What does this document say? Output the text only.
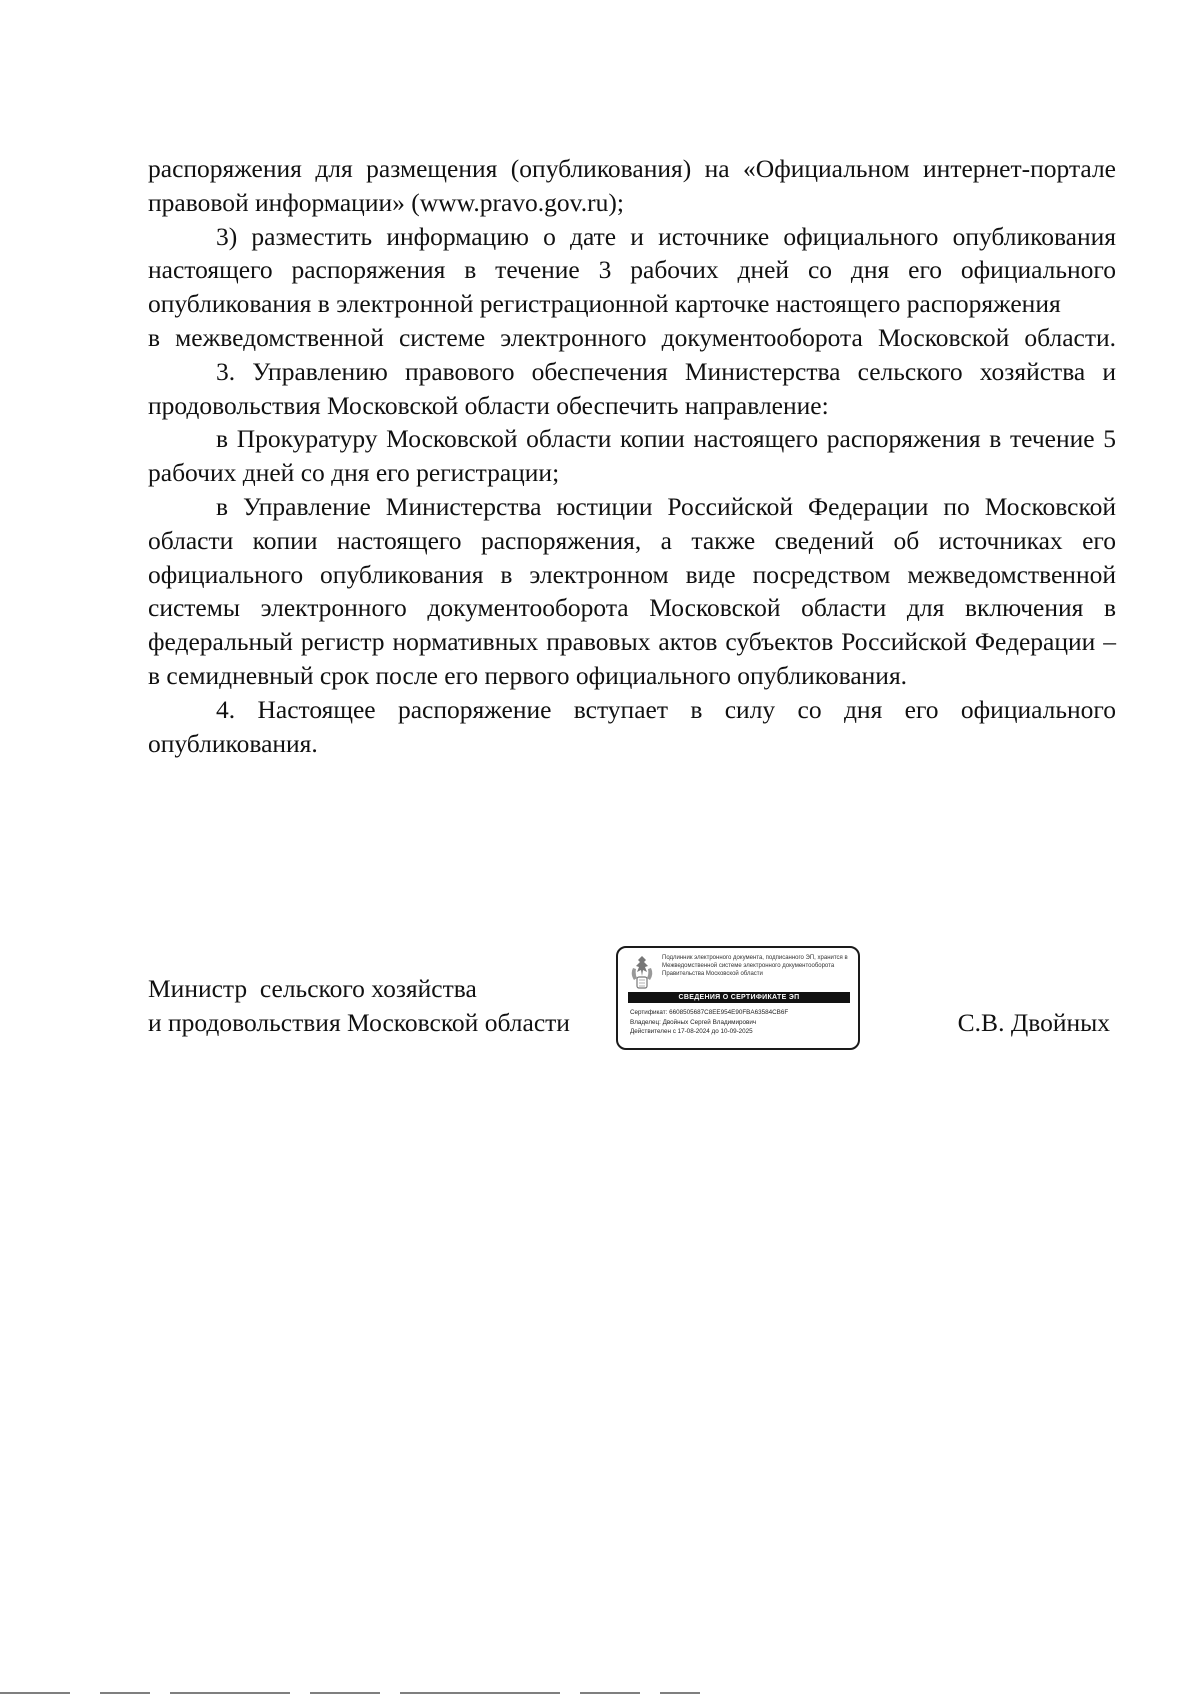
распоряжения для размещения (опубликования) на «Официальном интернет-портале правовой информации» (www.pravo.gov.ru);

3) разместить информацию о дате и источнике официального опубликования настоящего распоряжения в течение 3 рабочих дней со дня его официального опубликования в электронной регистрационной карточке настоящего распоряжения

в межведомственной системе электронного документооборота Московской области.

3. Управлению правового обеспечения Министерства сельского хозяйства и продовольствия Московской области обеспечить направление:

в Прокуратуру Московской области копии настоящего распоряжения в течение 5 рабочих дней со дня его регистрации;

в Управление Министерства юстиции Российской Федерации по Московской области копии настоящего распоряжения, а также сведений об источниках его официального опубликования в электронном виде посредством межведомственной системы электронного документооборота Московской области для включения в федеральный регистр нормативных правовых актов субъектов Российской Федерации – в семидневный срок после его первого официального опубликования.

4. Настоящее распоряжение вступает в силу со дня его официального опубликования.

Министр  сельского хозяйства
и продовольствия Московской области
Подлинник электронного документа, подписанного ЭП, хранится в Межведомственной системе электронного документооборота Правительства Московской области
СВЕДЕНИЯ О СЕРТИФИКАТЕ ЭП
Сертификат: 6608505687C8EE954E90FBA63584CB6F
Владелец: Двойных Сергей Владимирович
Действителен с 17-08-2024 до 10-09-2025	С.В. Двойных
